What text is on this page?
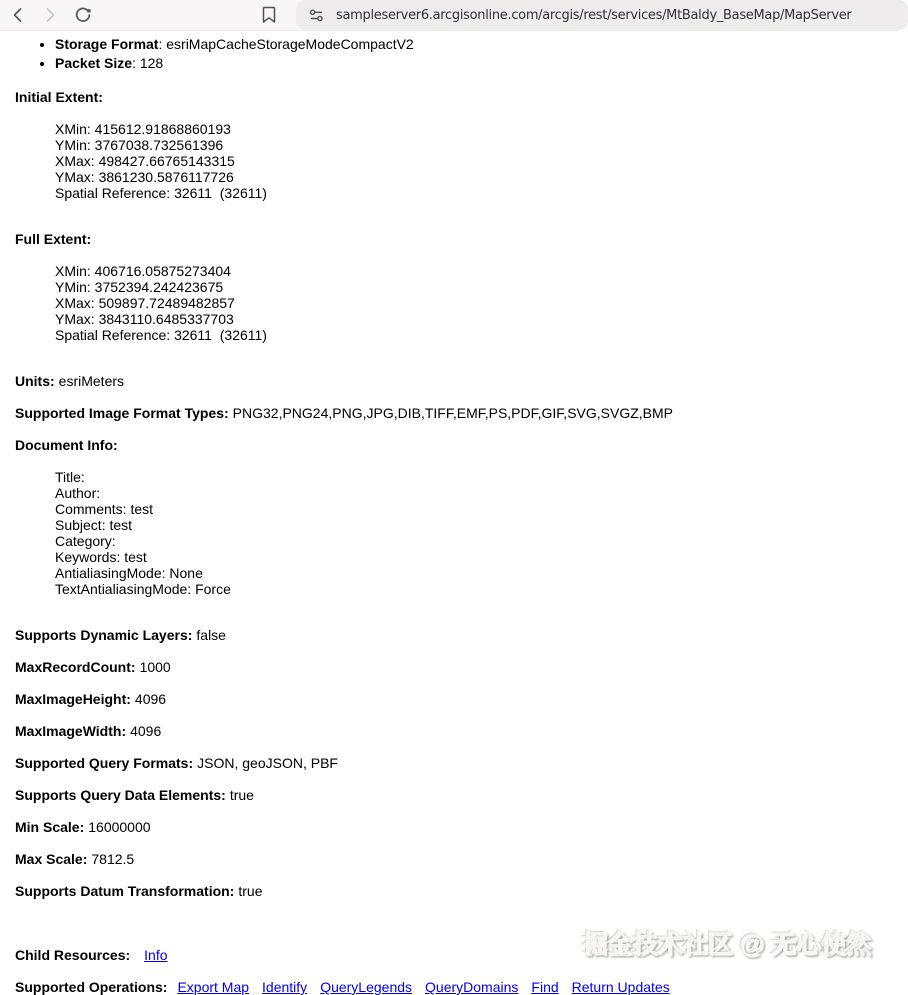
sampleserver6.arcgisonline.com/arcgis/rest/services/MtBaldy_BaseMap/MapServer
• Storage Format: esriMapCacheStorageModeCompactV2
• Packet Size: 128

Initial Extent:

XMin: 415612.91868860193
YMin: 3767038.732561396
XMax: 498427.66765143315
YMax: 3861230.5876117726
Spatial Reference: 32611  (32611)

Full Extent:

XMin: 406716.05875273404
YMin: 3752394.242423675
XMax: 509897.72489482857
YMax: 3843110.6485337703
Spatial Reference: 32611  (32611)

Units: esriMeters

Supported Image Format Types: PNG32,PNG24,PNG,JPG,DIB,TIFF,EMF,PS,PDF,GIF,SVG,SVGZ,BMP

Document Info:

Title:
Author:
Comments: test
Subject: test
Category:
Keywords: test
AntialiasingMode: None
TextAntialiasingMode: Force

Supports Dynamic Layers: false

MaxRecordCount: 1000

MaxImageHeight: 4096

MaxImageWidth: 4096

Supported Query Formats: JSON, geoJSON, PBF

Supports Query Data Elements: true

Min Scale: 16000000

Max Scale: 7812.5

Supports Datum Transformation: true

Child Resources: Info

Supported Operations: Export Map Identify QueryLegends QueryDomains Find Return Updates

掘金技术社区 @ 无心使然
